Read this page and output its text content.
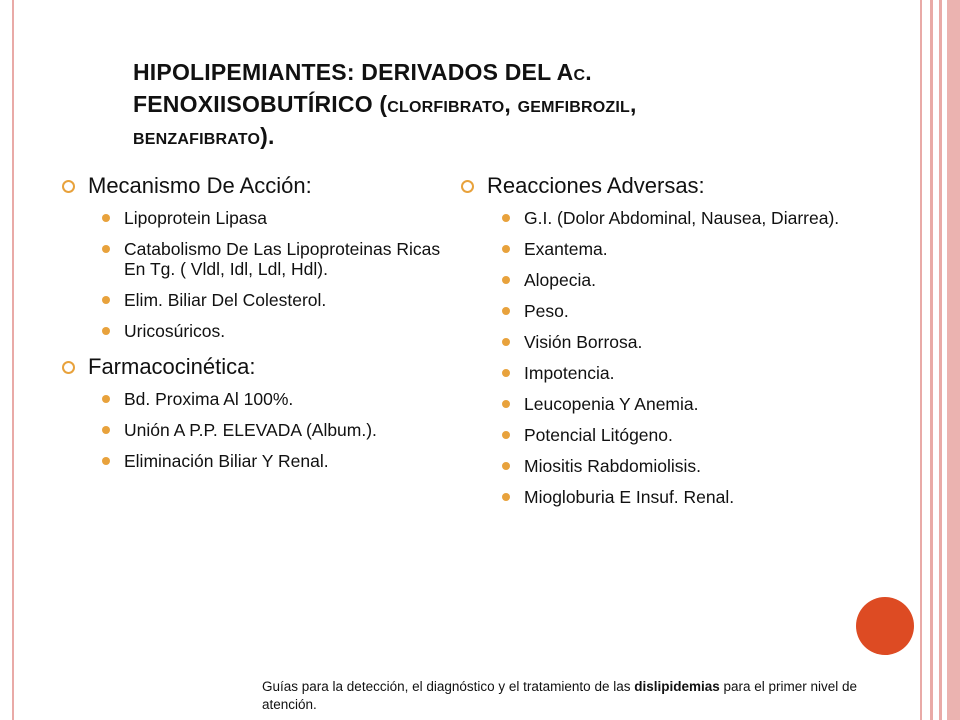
HIPOLIPEMIANTES: DERIVADOS DEL Ac.
FENOXIISOBUTÍRICO (clorfibrato, gemfibrozil,
benzafibrato).
Mecanismo De Acción:
Lipoprotein Lipasa
Catabolismo De Las Lipoproteinas Ricas En Tg. ( Vldl, Idl, Ldl, Hdl).
Elim. Biliar Del Colesterol.
Uricosúricos.
Farmacocinética:
Bd. Proxima Al 100%.
Unión A P.P. ELEVADA (Album.).
Eliminación Biliar Y Renal.
Reacciones Adversas:
G.I. (Dolor Abdominal, Nausea, Diarrea).
Exantema.
Alopecia.
Peso.
Visión Borrosa.
Impotencia.
Leucopenia Y Anemia.
Potencial Litógeno.
Miositis Rabdomiolisis.
Miogloburia E Insuf. Renal.
Guías para la detección, el diagnóstico y el tratamiento de las dislipidemias para el primer nivel de atención.
